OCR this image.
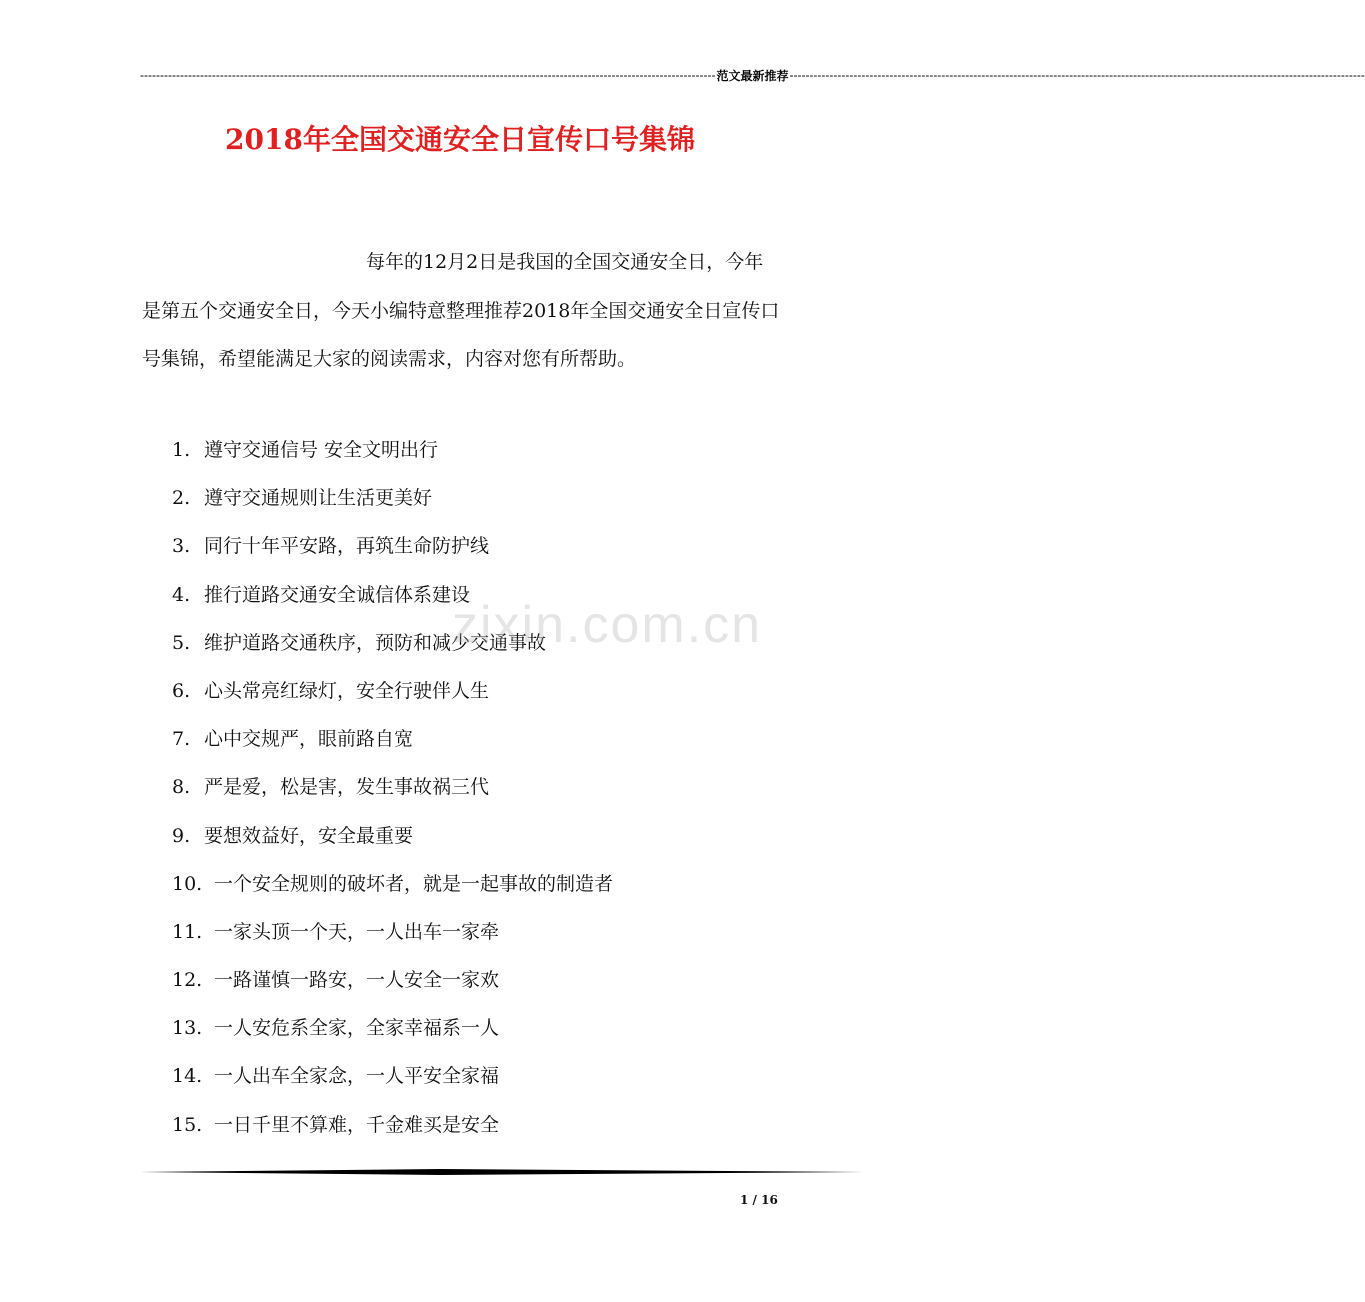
------------------------------------------------------------------------------------------------------------------------------------------------ 范文最新推荐 ------------------------------------------------------------------------------------------------------------------------------------------------
2018年全国交通安全日宣传口号集锦

每年的12月2日是我国的全国交通安全日，今年是第五个交通安全日，今天小编特意整理推荐2018年全国交通安全日宣传口号集锦，希望能满足大家的阅读需求，内容对您有所帮助。

1. 遵守交通信号 安全文明出行
2. 遵守交通规则让生活更美好
3. 同行十年平安路，再筑生命防护线
4. 推行道路交通安全诚信体系建设
5. 维护道路交通秩序，预防和减少交通事故
6. 心头常亮红绿灯，安全行驶伴人生
7. 心中交规严，眼前路自宽
8. 严是爱，松是害，发生事故祸三代
9. 要想效益好，安全最重要
10. 一个安全规则的破坏者，就是一起事故的制造者
11. 一家头顶一个天，一人出车一家牵
12. 一路谨慎一路安，一人安全一家欢
13. 一人安危系全家，全家幸福系一人
14. 一人出车全家念，一人平安全家福
15. 一日千里不算难，千金难买是安全
zixin.com.cn
1 / 16
